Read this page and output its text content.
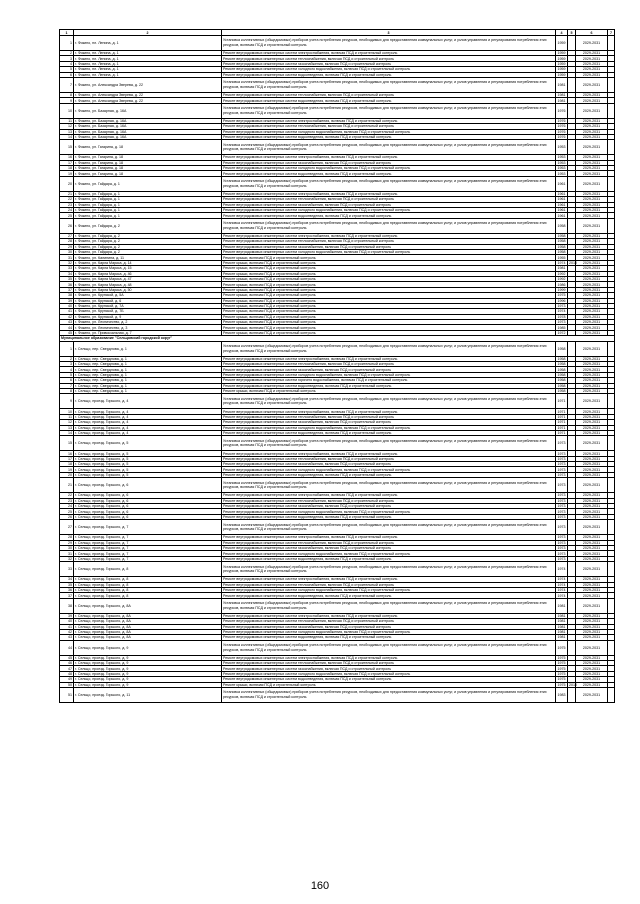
1	2	3	4	5	6	7
1	г. Фокино, пл. Ленина, д. 1	Установка коллективных (общедомовых) приборов учета потребления ресурсов, необходимых для предоставления коммунальных услуг, и узлов управления и регулирования потребления этих ресурсов, включая ПСД и строительный контроль	1959		2029-2031	
2	г. Фокино, пл. Ленина, д. 1	Ремонт внутридомовых инженерных систем электроснабжения, включая ПСД и строительный контроль	1959		2029-2031	
3	г. Фокино, пл. Ленина, д. 1	Ремонт внутридомовых инженерных систем теплоснабжения, включая ПСД и строительный контроль	1959		2029-2031	
4	г. Фокино, пл. Ленина, д. 1	Ремонт внутридомовых инженерных систем газоснабжения, включая ПСД и строительный контроль	1959		2029-2031	
5	г. Фокино, пл. Ленина, д. 1	Ремонт внутридомовых инженерных систем холодного водоснабжения, включая ПСД и строительный контроль	1959		2029-2031	
6	г. Фокино, пл. Ленина, д. 1	Ремонт внутридомовых инженерных систем водоотведения, включая ПСД и строительный контроль	1959		2029-2031	
7	г. Фокино, ул. Александра Зверева, д. 22	Установка коллективных (общедомовых) приборов учета потребления ресурсов, необходимых для предоставления коммунальных услуг, и узлов управления и регулирования потребления этих ресурсов, включая ПСД и строительный контроль	1981		2029-2031	
8	г. Фокино, ул. Александра Зверева, д. 22	Ремонт внутридомовых инженерных систем теплоснабжения, включая ПСД и строительный контроль	1981		2029-2031	
9	г. Фокино, ул. Александра Зверева, д. 22	Ремонт внутридомовых инженерных систем водоотведения, включая ПСД и строительный контроль	1981		2029-2031	
10	г. Фокино, ул. Базарная, д. 16А	Установка коллективных (общедомовых) приборов учета потребления ресурсов, необходимых для предоставления коммунальных услуг, и узлов управления и регулирования потребления этих ресурсов, включая ПСД и строительный контроль	1976		2029-2031	
11	г. Фокино, ул. Базарная, д. 16А	Ремонт внутридомовых инженерных систем электроснабжения, включая ПСД и строительный контроль	1976		2029-2031	
12	г. Фокино, ул. Базарная, д. 16А	Ремонт внутридомовых инженерных систем теплоснабжения, включая ПСД и строительный контроль	1976		2029-2031	
13	г. Фокино, ул. Базарная, д. 16А	Ремонт внутридомовых инженерных систем холодного водоснабжения, включая ПСД и строительный контроль	1976		2029-2031	
14	г. Фокино, ул. Базарная, д. 16А	Ремонт внутридомовых инженерных систем водоотведения, включая ПСД и строительный контроль	1976		2029-2031	
15	г. Фокино, ул. Гагарина, д. 18	Установка коллективных (общедомовых) приборов учета потребления ресурсов, необходимых для предоставления коммунальных услуг, и узлов управления и регулирования потребления этих ресурсов, включая ПСД и строительный контроль	1953		2029-2031	
16	г. Фокино, ул. Гагарина, д. 18	Ремонт внутридомовых инженерных систем электроснабжения, включая ПСД и строительный контроль	1953		2029-2031	
17	г. Фокино, ул. Гагарина, д. 18	Ремонт внутридомовых инженерных систем газоснабжения, включая ПСД и строительный контроль	1953		2029-2031	
18	г. Фокино, ул. Гагарина, д. 18	Ремонт внутридомовых инженерных систем холодного водоснабжения, включая ПСД и строительный контроль	1953		2029-2031	
19	г. Фокино, ул. Гагарина, д. 18	Ремонт внутридомовых инженерных систем водоотведения, включая ПСД и строительный контроль	1953		2029-2031	
20	г. Фокино, ул. Гайдара, д. 1	Установка коллективных (общедомовых) приборов учета потребления ресурсов, необходимых для предоставления коммунальных услуг, и узлов управления и регулирования потребления этих ресурсов, включая ПСД и строительный контроль	1961		2029-2031	
21	г. Фокино, ул. Гайдара, д. 1	Ремонт внутридомовых инженерных систем электроснабжения, включая ПСД и строительный контроль	1961		2029-2031	
22	г. Фокино, ул. Гайдара, д. 1	Ремонт внутридомовых инженерных систем теплоснабжения, включая ПСД и строительный контроль	1961		2029-2031	
23	г. Фокино, ул. Гайдара, д. 1	Ремонт внутридомовых инженерных систем газоснабжения, включая ПСД и строительный контроль	1961		2029-2031	
24	г. Фокино, ул. Гайдара, д. 1	Ремонт внутридомовых инженерных систем холодного водоснабжения, включая ПСД и строительный контроль	1961		2029-2031	
25	г. Фокино, ул. Гайдара, д. 1	Ремонт внутридомовых инженерных систем водоотведения, включая ПСД и строительный контроль	1961		2029-2031	
26	г. Фокино, ул. Гайдара, д. 2	Установка коллективных (общедомовых) приборов учета потребления ресурсов, необходимых для предоставления коммунальных услуг, и узлов управления и регулирования потребления этих ресурсов, включая ПСД и строительный контроль	1958		2029-2031	
27	г. Фокино, ул. Гайдара, д. 2	Ремонт внутридомовых инженерных систем электроснабжения, включая ПСД и строительный контроль	1958		2029-2031	
28	г. Фокино, ул. Гайдара, д. 2	Ремонт внутридомовых инженерных систем теплоснабжения, включая ПСД и строительный контроль	1958		2029-2031	
29	г. Фокино, ул. Гайдара, д. 2	Ремонт внутридомовых инженерных систем газоснабжения, включая ПСД и строительный контроль	1958		2029-2031	
30	г. Фокино, ул. Гайдара, д. 2	Ремонт внутридомовых инженерных систем холодного водоснабжения, включая ПСД и строительный контроль	1958		2029-2031	
31	г. Фокино, ул. Калинина, д. 11	Ремонт крыши, включая ПСД и строительный контроль	1955		2029-2031	
32	г. Фокино, ул. Карла Маркса, д. 14	Ремонт крыши, включая ПСД и строительный контроль	1974	2010	2029-2031	
33	г. Фокино, ул. Карла Маркса, д. 15	Ремонт крыши, включая ПСД и строительный контроль	1981		2029-2031	
34	г. Фокино, ул. Карла Маркса, д. 46	Ремонт крыши, включая ПСД и строительный контроль	1992		2029-2031	
35	г. Фокино, ул. Карла Маркса, д. 47	Ремонт крыши, включая ПСД и строительный контроль	1992		2029-2031	
36	г. Фокино, ул. Карла Маркса, д. 48	Ремонт крыши, включая ПСД и строительный контроль	1986		2029-2031	
37	г. Фокино, ул. Карла Маркса, д. 50	Ремонт крыши, включая ПСД и строительный контроль	1999		2029-2031	
38	г. Фокино, ул. Крупской, д. 5А	Ремонт крыши, включая ПСД и строительный контроль	1975		2029-2031	
39	г. Фокино, ул. Крупской, д. 6	Ремонт крыши, включая ПСД и строительный контроль	1996		2029-2031	
40	г. Фокино, ул. Крупской, д. 7А	Ремонт крыши, включая ПСД и строительный контроль	1973		2029-2031	
41	г. Фокино, ул. Крупской, д. 7Б	Ремонт крыши, включая ПСД и строительный контроль	1974		2029-2031	
42	г. Фокино, ул. Крупской, д. 9	Ремонт крыши, включая ПСД и строительный контроль	1978		2029-2031	
43	г. Фокино, ул. Лесничество, д. 2	Ремонт крыши, включая ПСД и строительный контроль	1973		2029-2031	
44	г. Фокино, ул. Лесничество, д. 3	Ремонт крыши, включая ПСД и строительный контроль	1985		2029-2031	
45	г. Фокино, ул. Привокзальная, д. 7	Ремонт крыши, включая ПСД и строительный контроль	1972		2029-2031	
Муниципальное образование "Сельцовский городской округ"						
1	г. Сельцо, пер. Свердлова, д. 1	Установка коллективных (общедомовых) приборов учета потребления ресурсов, необходимых для предоставления коммунальных услуг, и узлов управления и регулирования потребления этих ресурсов, включая ПСД и строительный контроль	1958		2029-2031	
2	г. Сельцо, пер. Свердлова, д. 1	Ремонт внутридомовых инженерных систем электроснабжения, включая ПСД и строительный контроль	1958		2029-2031	
3	г. Сельцо, пер. Свердлова, д. 1	Ремонт внутридомовых инженерных систем теплоснабжения, включая ПСД и строительный контроль	1958		2029-2031	
4	г. Сельцо, пер. Свердлова, д. 1	Ремонт внутридомовых инженерных систем газоснабжения, включая ПСД и строительный контроль	1958		2029-2031	
5	г. Сельцо, пер. Свердлова, д. 1	Ремонт внутридомовых инженерных систем холодного водоснабжения, включая ПСД и строительный контроль	1958		2029-2031	
6	г. Сельцо, пер. Свердлова, д. 1	Ремонт внутридомовых инженерных систем горячего водоснабжения, включая ПСД и строительный контроль	1958		2029-2031	
7	г. Сельцо, пер. Свердлова, д. 1	Ремонт внутридомовых инженерных систем водоотведения, включая ПСД и строительный контроль	1958		2029-2031	
8	г. Сельцо, пер. Свердлова, д. 1	Ремонт крыши, включая ПСД и строительный контроль	1958		2029-2031	
9	г. Сельцо, проезд. Горького, д. 4	Установка коллективных (общедомовых) приборов учета потребления ресурсов, необходимых для предоставления коммунальных услуг, и узлов управления и регулирования потребления этих ресурсов, включая ПСД и строительный контроль	1971		2029-2031	
10	г. Сельцо, проезд. Горького, д. 4	Ремонт внутридомовых инженерных систем электроснабжения, включая ПСД и строительный контроль	1971		2029-2031	
11	г. Сельцо, проезд. Горького, д. 4	Ремонт внутридомовых инженерных систем теплоснабжения, включая ПСД и строительный контроль	1971		2029-2031	
12	г. Сельцо, проезд. Горького, д. 4	Ремонт внутридомовых инженерных систем газоснабжения, включая ПСД и строительный контроль	1971		2029-2031	
13	г. Сельцо, проезд. Горького, д. 4	Ремонт внутридомовых инженерных систем холодного водоснабжения, включая ПСД и строительный контроль	1971		2029-2031	
14	г. Сельцо, проезд. Горького, д. 4	Ремонт внутридомовых инженерных систем водоотведения, включая ПСД и строительный контроль	1971		2029-2031	
15	г. Сельцо, проезд. Горького, д. 5	Установка коллективных (общедомовых) приборов учета потребления ресурсов, необходимых для предоставления коммунальных услуг, и узлов управления и регулирования потребления этих ресурсов, включая ПСД и строительный контроль	1973		2029-2031	
16	г. Сельцо, проезд. Горького, д. 5	Ремонт внутридомовых инженерных систем электроснабжения, включая ПСД и строительный контроль	1973		2029-2031	
17	г. Сельцо, проезд. Горького, д. 5	Ремонт внутридомовых инженерных систем теплоснабжения, включая ПСД и строительный контроль	1973		2029-2031	
18	г. Сельцо, проезд. Горького, д. 5	Ремонт внутридомовых инженерных систем газоснабжения, включая ПСД и строительный контроль	1973		2029-2031	
19	г. Сельцо, проезд. Горького, д. 5	Ремонт внутридомовых инженерных систем холодного водоснабжения, включая ПСД и строительный контроль	1973		2029-2031	
20	г. Сельцо, проезд. Горького, д. 5	Ремонт внутридомовых инженерных систем водоотведения, включая ПСД и строительный контроль	1973		2029-2031	
21	г. Сельцо, проезд. Горького, д. 6	Установка коллективных (общедомовых) приборов учета потребления ресурсов, необходимых для предоставления коммунальных услуг, и узлов управления и регулирования потребления этих ресурсов, включая ПСД и строительный контроль	1973		2029-2031	
22	г. Сельцо, проезд. Горького, д. 6	Ремонт внутридомовых инженерных систем электроснабжения, включая ПСД и строительный контроль	1973		2029-2031	
23	г. Сельцо, проезд. Горького, д. 6	Ремонт внутридомовых инженерных систем теплоснабжения, включая ПСД и строительный контроль	1973		2029-2031	
24	г. Сельцо, проезд. Горького, д. 6	Ремонт внутридомовых инженерных систем газоснабжения, включая ПСД и строительный контроль	1973		2029-2031	
25	г. Сельцо, проезд. Горького, д. 6	Ремонт внутридомовых инженерных систем холодного водоснабжения, включая ПСД и строительный контроль	1973		2029-2031	
26	г. Сельцо, проезд. Горького, д. 6	Ремонт внутридомовых инженерных систем водоотведения, включая ПСД и строительный контроль	1973		2029-2031	
27	г. Сельцо, проезд. Горького, д. 7	Установка коллективных (общедомовых) приборов учета потребления ресурсов, необходимых для предоставления коммунальных услуг, и узлов управления и регулирования потребления этих ресурсов, включая ПСД и строительный контроль	1973		2029-2031	
28	г. Сельцо, проезд. Горького, д. 7	Ремонт внутридомовых инженерных систем электроснабжения, включая ПСД и строительный контроль	1973		2029-2031	
29	г. Сельцо, проезд. Горького, д. 7	Ремонт внутридомовых инженерных систем теплоснабжения, включая ПСД и строительный контроль	1973		2029-2031	
30	г. Сельцо, проезд. Горького, д. 7	Ремонт внутридомовых инженерных систем газоснабжения, включая ПСД и строительный контроль	1973		2029-2031	
31	г. Сельцо, проезд. Горького, д. 7	Ремонт внутридомовых инженерных систем холодного водоснабжения, включая ПСД и строительный контроль	1973		2029-2031	
32	г. Сельцо, проезд. Горького, д. 7	Ремонт внутридомовых инженерных систем водоотведения, включая ПСД и строительный контроль	1973		2029-2031	
33	г. Сельцо, проезд. Горького, д. 8	Установка коллективных (общедомовых) приборов учета потребления ресурсов, необходимых для предоставления коммунальных услуг, и узлов управления и регулирования потребления этих ресурсов, включая ПСД и строительный контроль	1974		2029-2031	
34	г. Сельцо, проезд. Горького, д. 8	Ремонт внутридомовых инженерных систем электроснабжения, включая ПСД и строительный контроль	1974		2029-2031	
35	г. Сельцо, проезд. Горького, д. 8	Ремонт внутридомовых инженерных систем теплоснабжения, включая ПСД и строительный контроль	1974		2029-2031	
36	г. Сельцо, проезд. Горького, д. 8	Ремонт внутридомовых инженерных систем холодного водоснабжения, включая ПСД и строительный контроль	1974		2029-2031	
37	г. Сельцо, проезд. Горького, д. 8	Ремонт внутридомовых инженерных систем водоотведения, включая ПСД и строительный контроль	1974		2029-2031	
38	г. Сельцо, проезд. Горького, д. 8А	Установка коллективных (общедомовых) приборов учета потребления ресурсов, необходимых для предоставления коммунальных услуг, и узлов управления и регулирования потребления этих ресурсов, включая ПСД и строительный контроль	1981		2029-2031	
39	г. Сельцо, проезд. Горького, д. 8А	Ремонт внутридомовых инженерных систем электроснабжения, включая ПСД и строительный контроль	1981		2029-2031	
40	г. Сельцо, проезд. Горького, д. 8А	Ремонт внутридомовых инженерных систем теплоснабжения, включая ПСД и строительный контроль	1981		2029-2031	
41	г. Сельцо, проезд. Горького, д. 8А	Ремонт внутридомовых инженерных систем газоснабжения, включая ПСД и строительный контроль	1981		2029-2031	
42	г. Сельцо, проезд. Горького, д. 8А	Ремонт внутридомовых инженерных систем холодного водоснабжения, включая ПСД и строительный контроль	1981		2029-2031	
43	г. Сельцо, проезд. Горького, д. 8А	Ремонт внутридомовых инженерных систем водоотведения, включая ПСД и строительный контроль	1981		2029-2031	
44	г. Сельцо, проезд. Горького, д. 9	Установка коллективных (общедомовых) приборов учета потребления ресурсов, необходимых для предоставления коммунальных услуг, и узлов управления и регулирования потребления этих ресурсов, включая ПСД и строительный контроль	1975		2029-2031	
45	г. Сельцо, проезд. Горького, д. 9	Ремонт внутридомовых инженерных систем электроснабжения, включая ПСД и строительный контроль	1975		2029-2031	
46	г. Сельцо, проезд. Горького, д. 9	Ремонт внутридомовых инженерных систем теплоснабжения, включая ПСД и строительный контроль	1975		2029-2031	
47	г. Сельцо, проезд. Горького, д. 9	Ремонт внутридомовых инженерных систем газоснабжения, включая ПСД и строительный контроль	1975		2029-2031	
48	г. Сельцо, проезд. Горького, д. 9	Ремонт внутридомовых инженерных систем холодного водоснабжения, включая ПСД и строительный контроль	1975		2029-2031	
49	г. Сельцо, проезд. Горького, д. 9	Ремонт внутридомовых инженерных систем водоотведения, включая ПСД и строительный контроль	1975		2029-2031	
50	г. Сельцо, проезд. Горького, д. 9	Ремонт крыши, включая ПСД и строительный контроль	1975	2010	2029-2031	
51	г. Сельцо, проезд. Горького, д. 11	Установка коллективных (общедомовых) приборов учета потребления ресурсов, необходимых для предоставления коммунальных услуг, и узлов управления и регулирования потребления этих ресурсов, включая ПСД и строительный контроль	1983		2029-2031	
160
